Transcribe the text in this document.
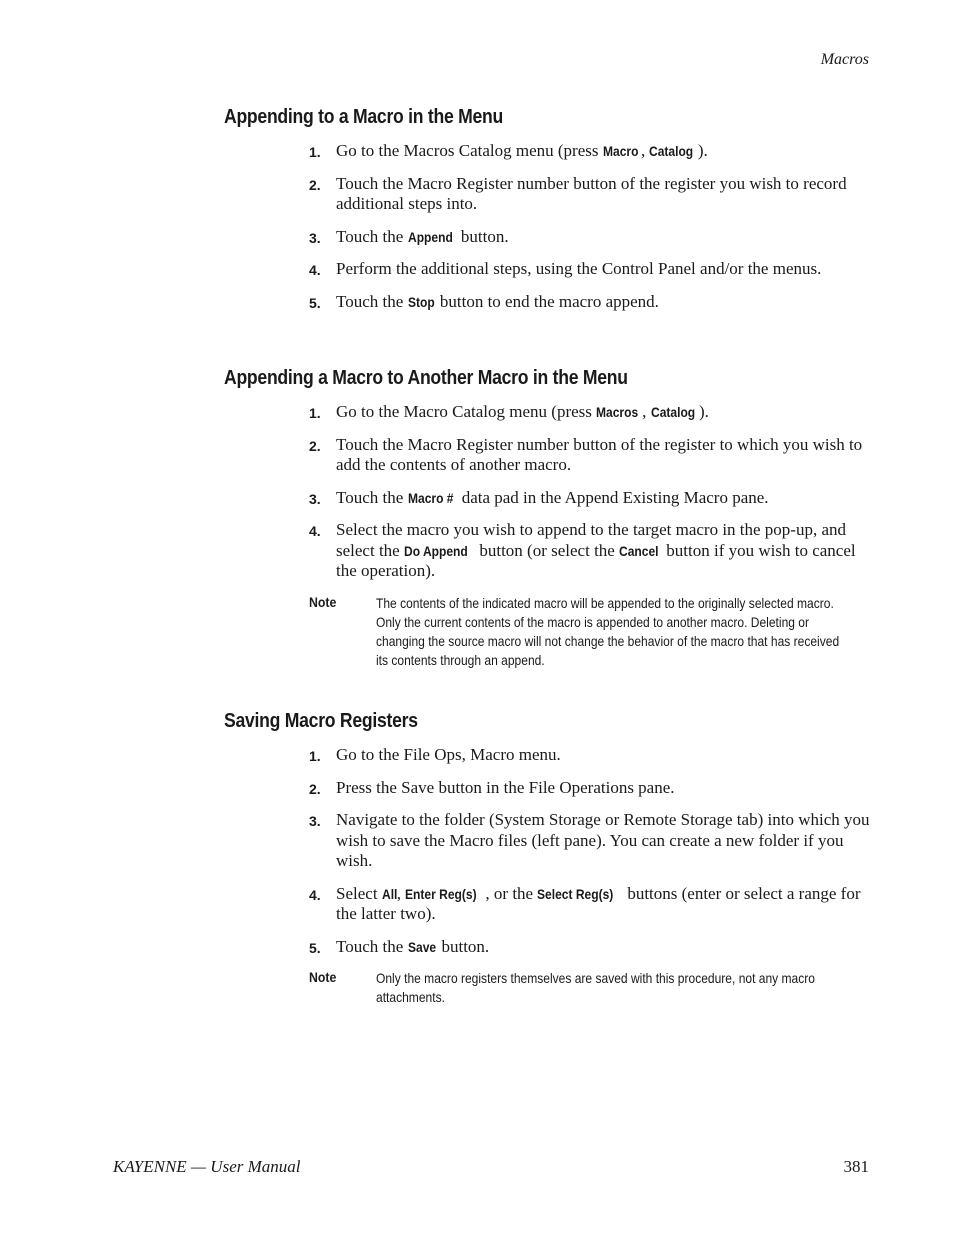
Macros
Appending to a Macro in the Menu
1. Go to the Macros Catalog menu (press Macro , Catalog ).
2. Touch the Macro Register number button of the register you wish to record additional steps into.
3. Touch the Append button.
4. Perform the additional steps, using the Control Panel and/or the menus.
5. Touch the Stop button to end the macro append.
Appending a Macro to Another Macro in the Menu
1. Go to the Macro Catalog menu (press Macros , Catalog ).
2. Touch the Macro Register number button of the register to which you wish to add the contents of another macro.
3. Touch the Macro # data pad in the Append Existing Macro pane.
4. Select the macro you wish to append to the target macro in the pop-up, and select the Do Append button (or select the Cancel button if you wish to cancel the operation).
Note	The contents of the indicated macro will be appended to the originally selected macro. Only the current contents of the macro is appended to another macro. Deleting or changing the source macro will not change the behavior of the macro that has received its contents through an append.
Saving Macro Registers
1. Go to the File Ops, Macro menu.
2. Press the Save button in the File Operations pane.
3. Navigate to the folder (System Storage or Remote Storage tab) into which you wish to save the Macro files (left pane). You can create a new folder if you wish.
4. Select All, Enter Reg(s) , or the Select Reg(s) buttons (enter or select a range for the latter two).
5. Touch the Save button.
Note	Only the macro registers themselves are saved with this procedure, not any macro attachments.
KAYENNE — User Manual	381
